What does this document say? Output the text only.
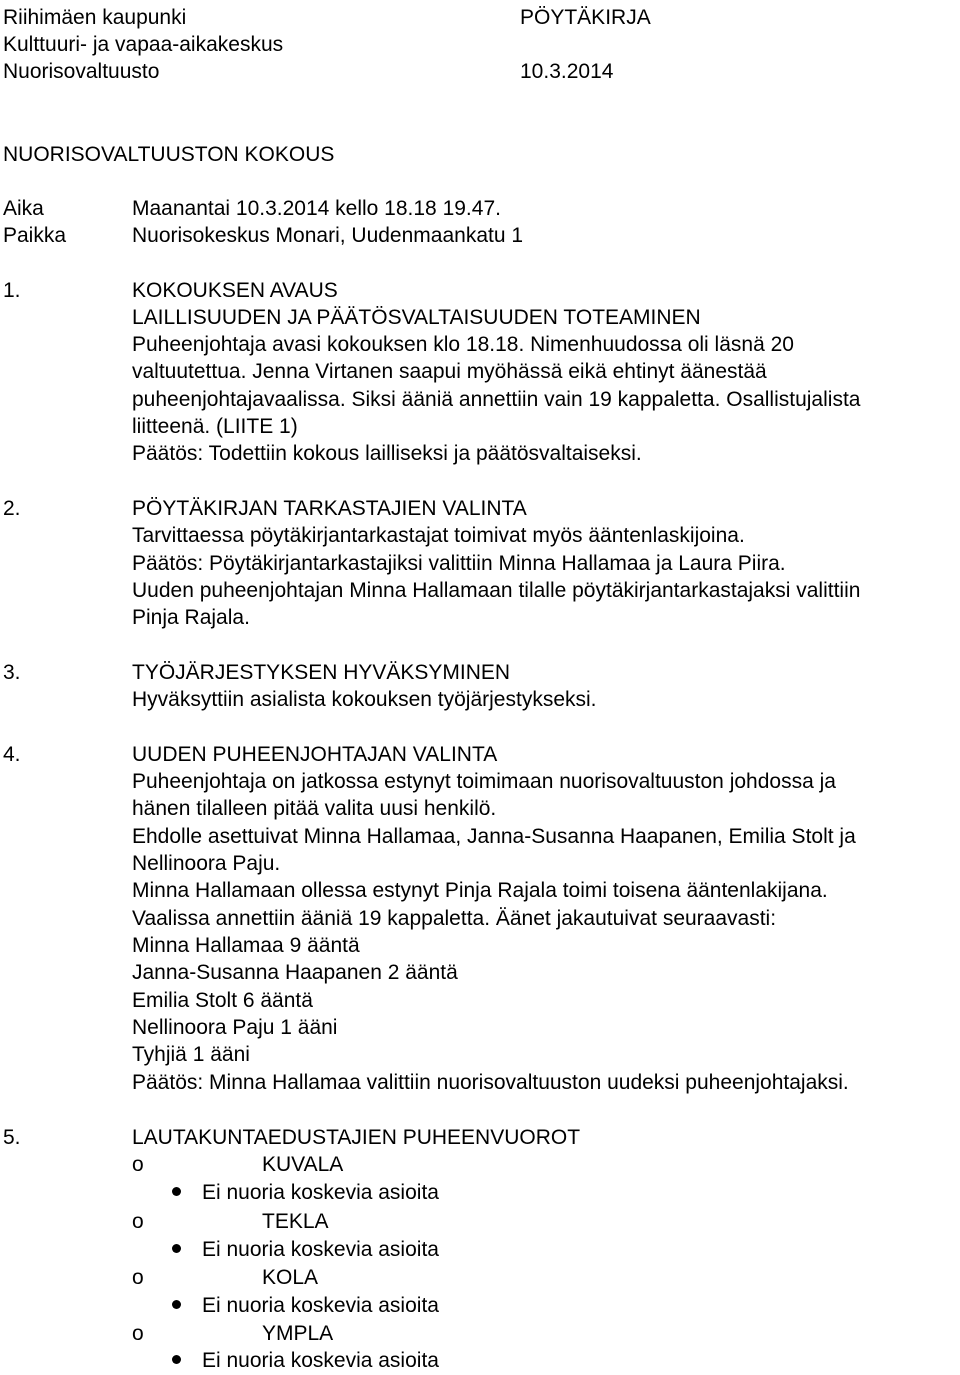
Riihimäen kaupunki
Kulttuuri- ja vapaa-aikakeskus
Nuorisovaltuusto
PÖYTÄKIRJA
10.3.2014
NUORISOVALTUUSTON KOKOUS
Aika	Maanantai 10.3.2014 kello 18.18 19.47.
Paikka	Nuorisokeskus Monari, Uudenmaankatu 1
1.	KOKOUKSEN AVAUS
LAILLISUUDEN JA PÄÄTÖSVALTAISUUDEN TOTEAMINEN
Puheenjohtaja avasi kokouksen klo 18.18. Nimenhuudossa oli läsnä 20
valtuutettua. Jenna Virtanen saapui myöhässä eikä ehtinyt äänestää
puheenjohtajavaalissa. Siksi ääniä annettiin vain 19 kappaletta. Osallistujalista
liitteenä. (LIITE 1)
Päätös: Todettiin kokous lailliseksi ja päätösvaltaiseksi.
2.	PÖYTÄKIRJAN TARKASTAJIEN VALINTA
Tarvittaessa pöytäkirjantarkastajat toimivat myös ääntenlaskijoina.
Päätös: Pöytäkirjantarkastajiksi valittiin Minna Hallamaa ja Laura Piira.
Uuden puheenjohtajan Minna Hallamaan tilalle pöytäkirjantarkastajaksi valittiin
Pinja Rajala.
3.	TYÖJÄRJESTYKSEN HYVÄKSYMINEN
Hyväksyttiin asialista kokouksen työjärjestykseksi.
4.	UUDEN PUHEENJOHTAJAN VALINTA
Puheenjohtaja on jatkossa estynyt toimimaan nuorisovaltuuston johdossa ja
hänen tilalleen pitää valita uusi henkilö.
Ehdolle asettuivat Minna Hallamaa, Janna-Susanna Haapanen, Emilia Stolt ja
Nellinoora Paju.
Minna Hallamaan ollessa estynyt Pinja Rajala toimi toisena ääntenlakijana.
Vaalissa annettiin ääniä 19 kappaletta. Äänet jakautuivat seuraavasti:
Minna Hallamaa 9 ääntä
Janna-Susanna Haapanen 2 ääntä
Emilia Stolt 6 ääntä
Nellinoora Paju 1 ääni
Tyhjiä 1 ääni
Päätös: Minna Hallamaa valittiin nuorisovaltuuston uudeksi puheenjohtajaksi.
5.	LAUTAKUNTAEDUSTAJIEN PUHEENVUOROT
o	KUVALA
Ei nuoria koskevia asioita
o	TEKLA
Ei nuoria koskevia asioita
o	KOLA
Ei nuoria koskevia asioita
o	YMPLA
Ei nuoria koskevia asioita
